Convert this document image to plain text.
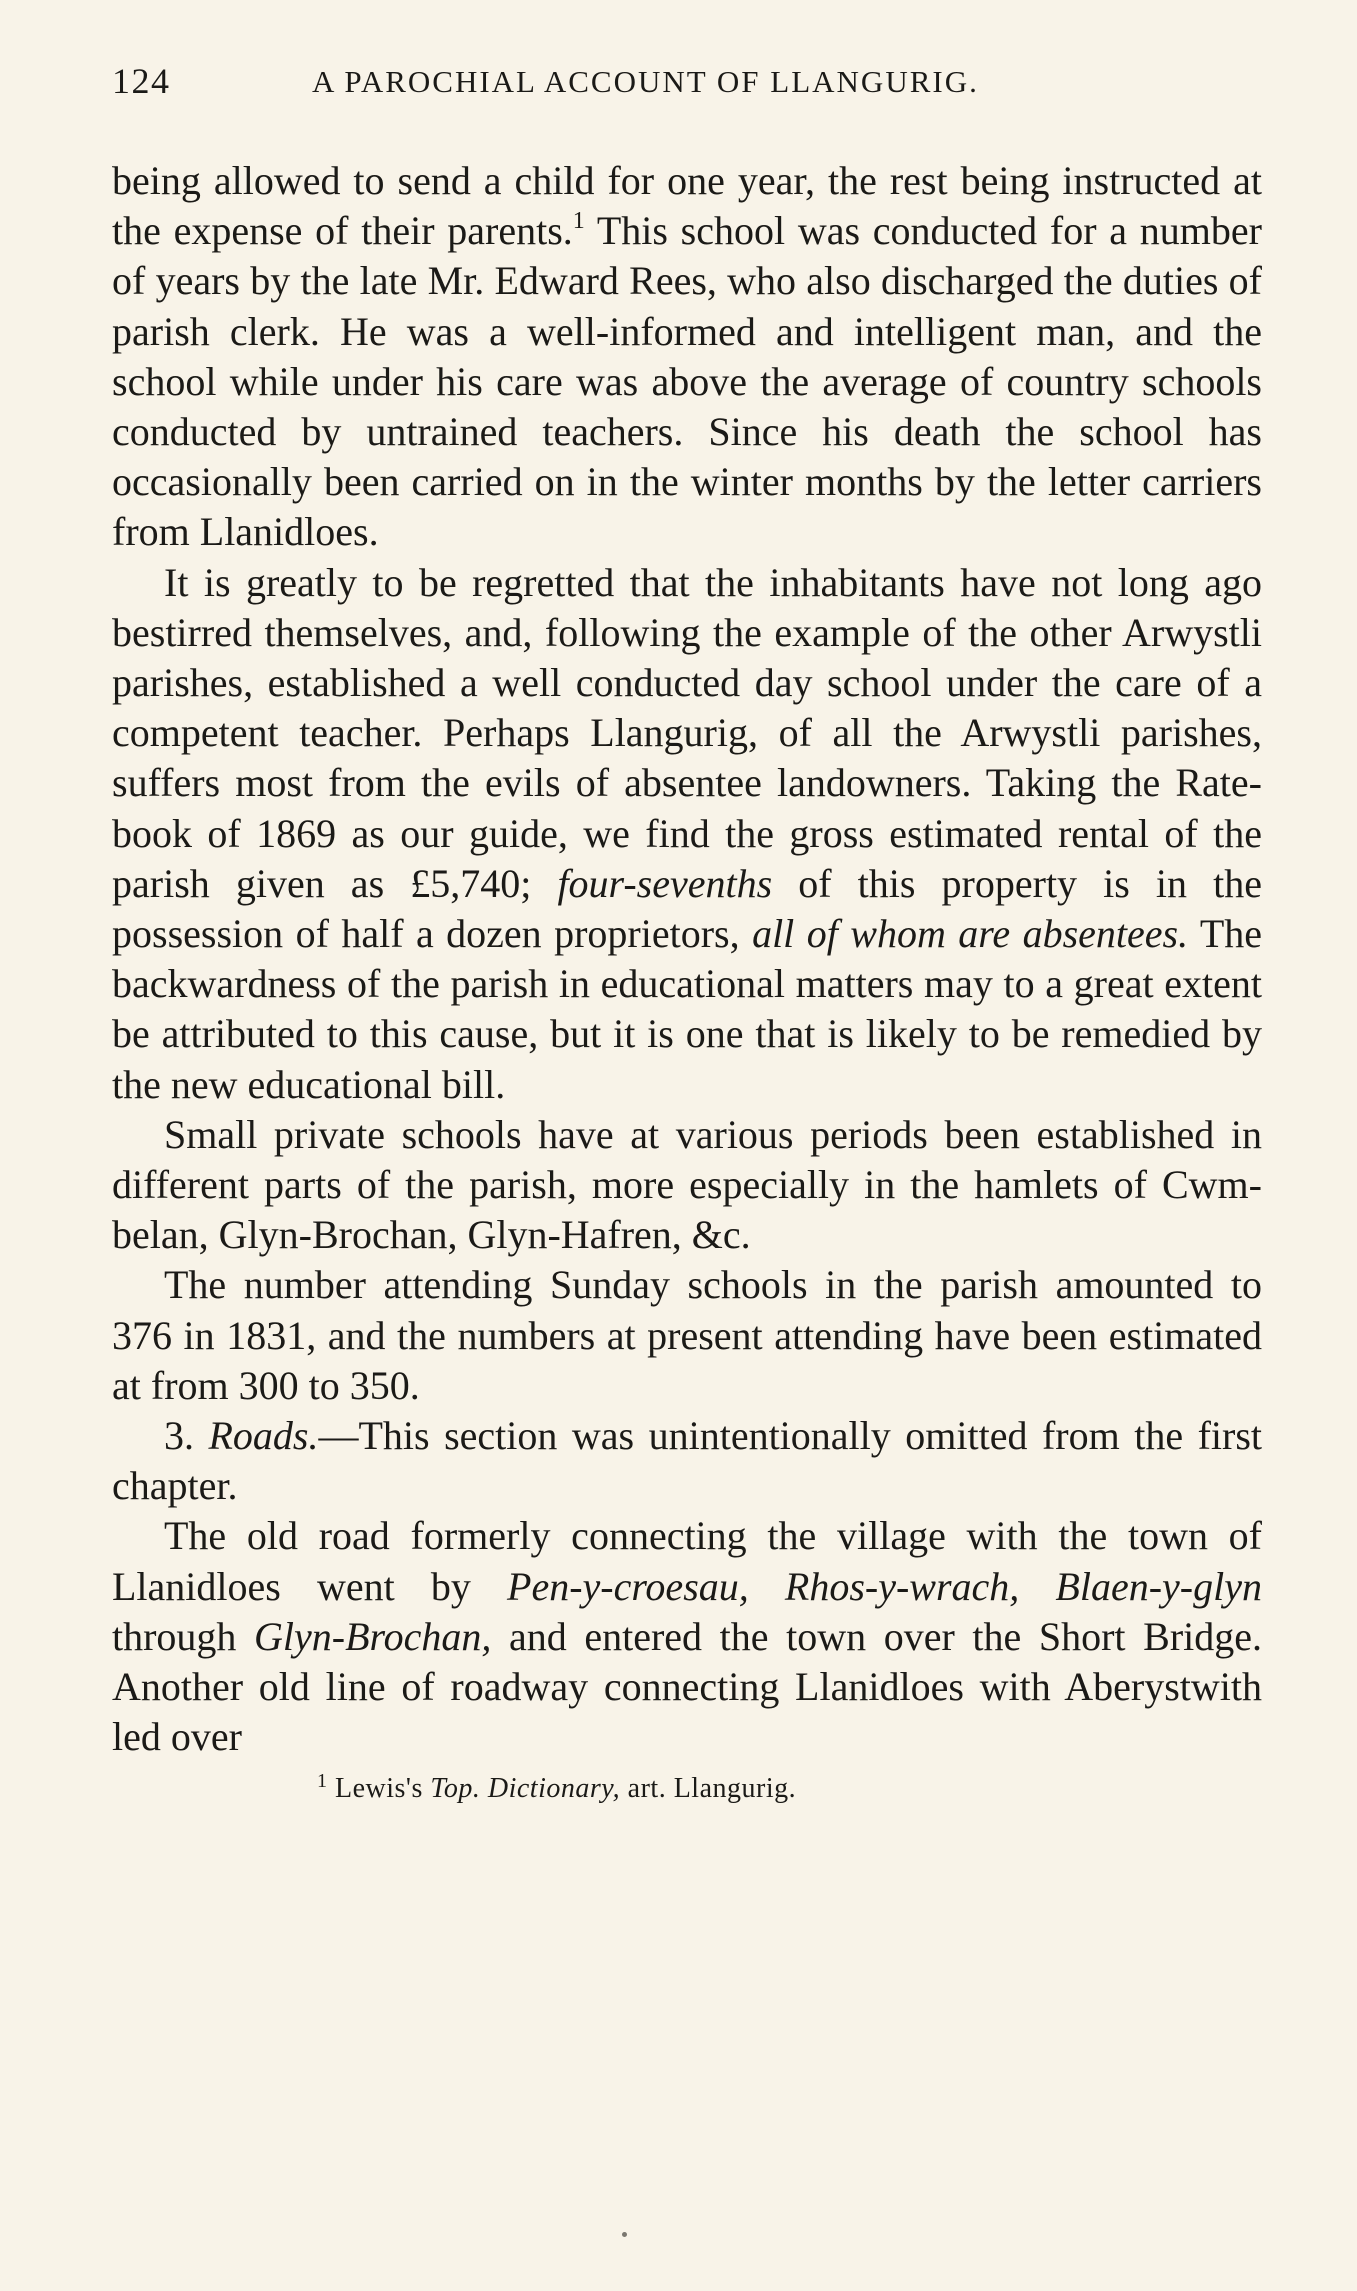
124	A PAROCHIAL ACCOUNT OF LLANGURIG.

being allowed to send a child for one year, the rest being instructed at the expense of their parents.$^1$ This school was conducted for a number of years by the late Mr. Edward Rees, who also discharged the duties of parish clerk. He was a well-informed and intelligent man, and the school while under his care was above the average of country schools conducted by untrained teachers. Since his death the school has occasionally been carried on in the winter months by the letter carriers from Llanidloes.

It is greatly to be regretted that the inhabitants have not long ago bestirred themselves, and, following the example of the other Arwystli parishes, established a well conducted day school under the care of a competent teacher. Perhaps Llangurig, of all the Arwystli parishes, suffers most from the evils of absentee landowners. Taking the Rate-book of 1869 as our guide, we find the gross estimated rental of the parish given as £5,740; four-sevenths of this property is in the possession of half a dozen proprietors, all of whom are absentees. The backwardness of the parish in educational matters may to a great extent be attributed to this cause, but it is one that is likely to be remedied by the new educational bill.

Small private schools have at various periods been established in different parts of the parish, more especially in the hamlets of Cwm-belan, Glyn-Brochan, Glyn-Hafren, &c.

The number attending Sunday schools in the parish amounted to 376 in 1831, and the numbers at present attending have been estimated at from 300 to 350.

3. Roads.—This section was unintentionally omitted from the first chapter.

The old road formerly connecting the village with the town of Llanidloes went by Pen-y-croesau, Rhos-y-wrach, Blaen-y-glyn through Glyn-Brochan, and entered the town over the Short Bridge. Another old line of roadway connecting Llanidloes with Aberystwith led over

$^1$ Lewis's Top. Dictionary, art. Llangurig.
